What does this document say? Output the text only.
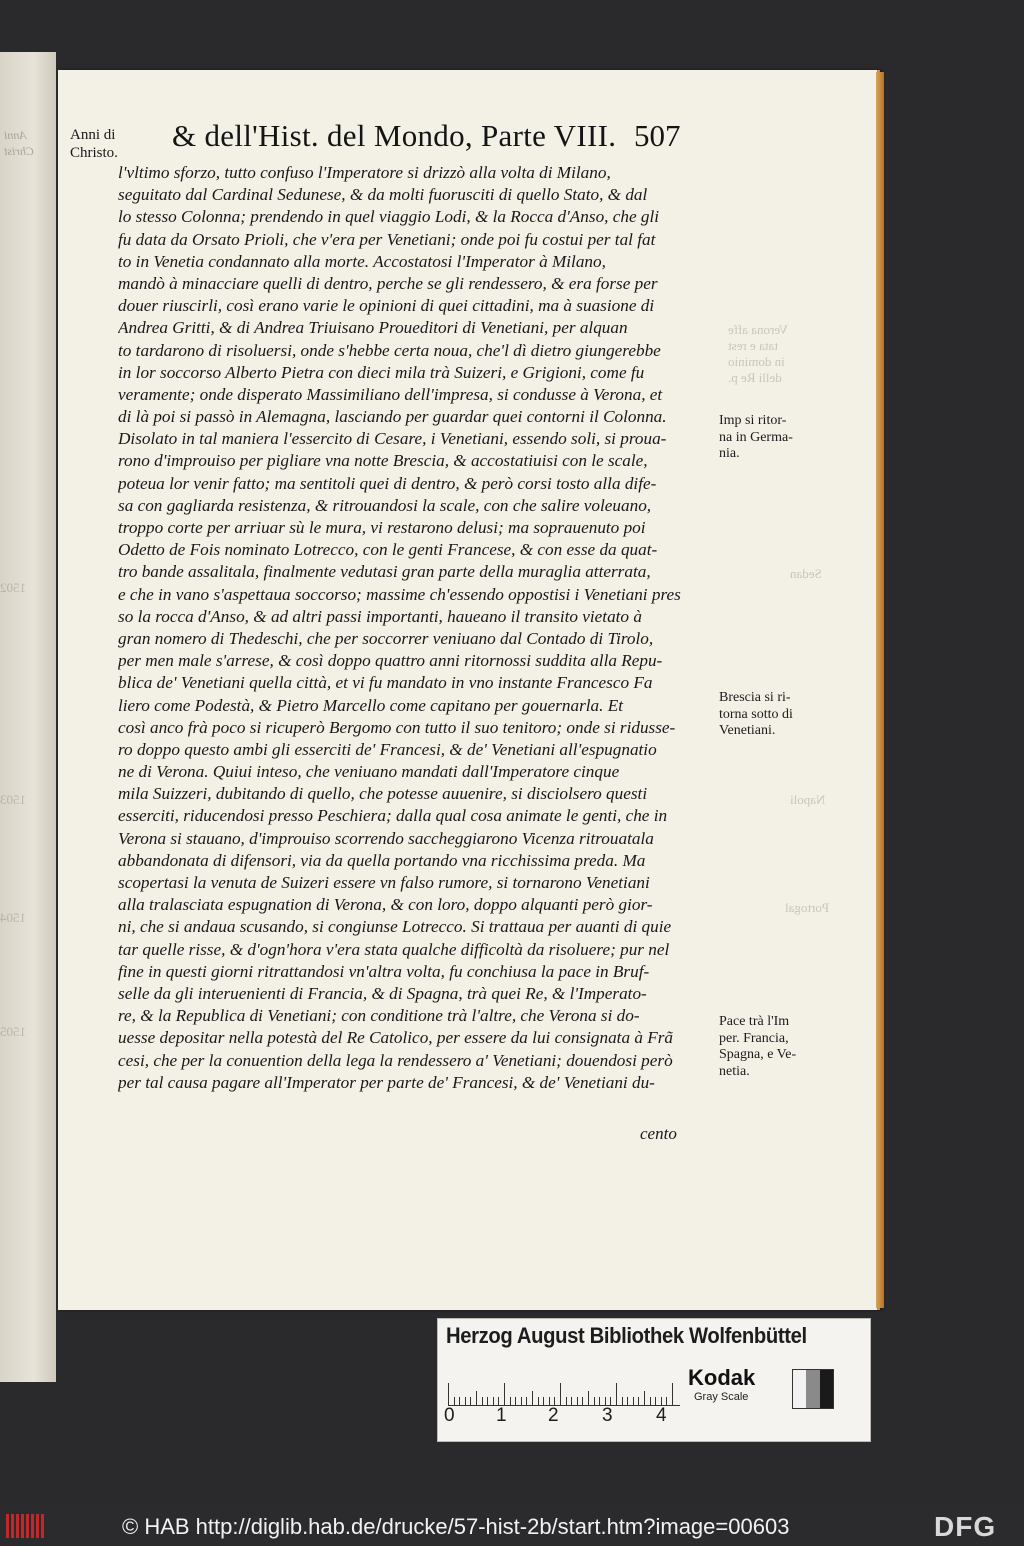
Anni
Christ
Verona affe
tata e rest
in dominio
delli Re p.
Sedan
Napoli
Portogal
1502
1503
1504
1505
Anni di
Christo.	& dell'Hist. del Mondo, Parte VIII. 507
l'vltimo sforzo, tutto confuso l'Imperatore si drizzò alla volta di Milano,
seguitato dal Cardinal Sedunese, & da molti fuorusciti di quello Stato, & dal
lo stesso Colonna; prendendo in quel viaggio Lodi, & la Rocca d'Anso, che gli
fu data da Orsato Prioli, che v'era per Venetiani; onde poi fu costui per tal fat
to in Venetia condannato alla morte. Accostatosi l'Imperator à Milano,
mandò à minacciare quelli di dentro, perche se gli rendessero, & era forse per
douer riuscirli, così erano varie le opinioni di quei cittadini, ma à suasione di
Andrea Gritti, & di Andrea Triuisano Proueditori di Venetiani, per alquan
to tardarono di risoluersi, onde s'hebbe certa noua, che'l dì dietro giungerebbe
in lor soccorso Alberto Pietra con dieci mila trà Suizeri, e Grigioni, come fu
veramente; onde disperato Massimiliano dell'impresa, si condusse à Verona, et
di là poi si passò in Alemagna, lasciando per guardar quei contorni il Colonna.
Disolato in tal maniera l'essercito di Cesare, i Venetiani, essendo soli, si proua-
rono d'improuiso per pigliare vna notte Brescia, & accostatiuisi con le scale,
poteua lor venir fatto; ma sentitoli quei di dentro, & però corsi tosto alla dife-
sa con gagliarda resistenza, & ritrouandosi la scale, con che salire voleuano,
troppo corte per arriuar sù le mura, vi restarono delusi; ma soprauenuto poi
Odetto de Fois nominato Lotrecco, con le genti Francese, & con esse da quat-
tro bande assalitala, finalmente vedutasi gran parte della muraglia atterrata,
e che in vano s'aspettaua soccorso; massime ch'essendo oppostisi i Venetiani pres
so la rocca d'Anso, & ad altri passi importanti, haueano il transito vietato à
gran nomero di Thedeschi, che per soccorrer veniuano dal Contado di Tirolo,
per men male s'arrese, & così doppo quattro anni ritornossi suddita alla Repu-
blica de' Venetiani quella città, et vi fu mandato in vno instante Francesco Fa
liero come Podestà, & Pietro Marcello come capitano per gouernarla. Et
così anco frà poco si ricuperò Bergomo con tutto il suo tenitoro; onde si ridusse-
ro doppo questo ambi gli esserciti de' Francesi, & de' Venetiani all'espugnatio
ne di Verona. Quiui inteso, che veniuano mandati dall'Imperatore cinque
mila Suizzeri, dubitando di quello, che potesse auuenire, si disciolsero questi
esserciti, riducendosi presso Peschiera; dalla qual cosa animate le genti, che in
Verona si stauano, d'improuiso scorrendo saccheggiarono Vicenza ritrouatala
abbandonata di difensori, via da quella portando vna ricchissima preda. Ma
scopertasi la venuta de Suizeri essere vn falso rumore, si tornarono Venetiani
alla tralasciata espugnation di Verona, & con loro, doppo alquanti però gior-
ni, che si andaua scusando, si congiunse Lotrecco. Si trattaua per auanti di quie
tar quelle risse, & d'ogn'hora v'era stata qualche difficoltà da risoluere; pur nel
fine in questi giorni ritrattandosi vn'altra volta, fu conchiusa la pace in Bruf-
selle da gli interuenienti di Francia, & di Spagna, trà quei Re, & l'Imperato-
re, & la Republica di Venetiani; con conditione trà l'altre, che Verona si do-
uesse depositar nella potestà del Re Catolico, per essere da lui consignata à Frã
cesi, che per la conuention della lega la rendessero a' Venetiani; douendosi però
per tal causa pagare all'Imperator per parte de' Francesi, & de' Venetiani du-
cento
Imp si ritor-
na in Germa-
nia.
Brescia si ri-
torna sotto di
Venetiani.
Pace trà l'Im
per. Francia,
Spagna, e Ve-
netia.
Herzog August Bibliothek Wolfenbüttel
0 1 2 3 4
Kodak
Gray Scale
© HAB http://diglib.hab.de/drucke/57-hist-2b/start.htm?image=00603	DFG
